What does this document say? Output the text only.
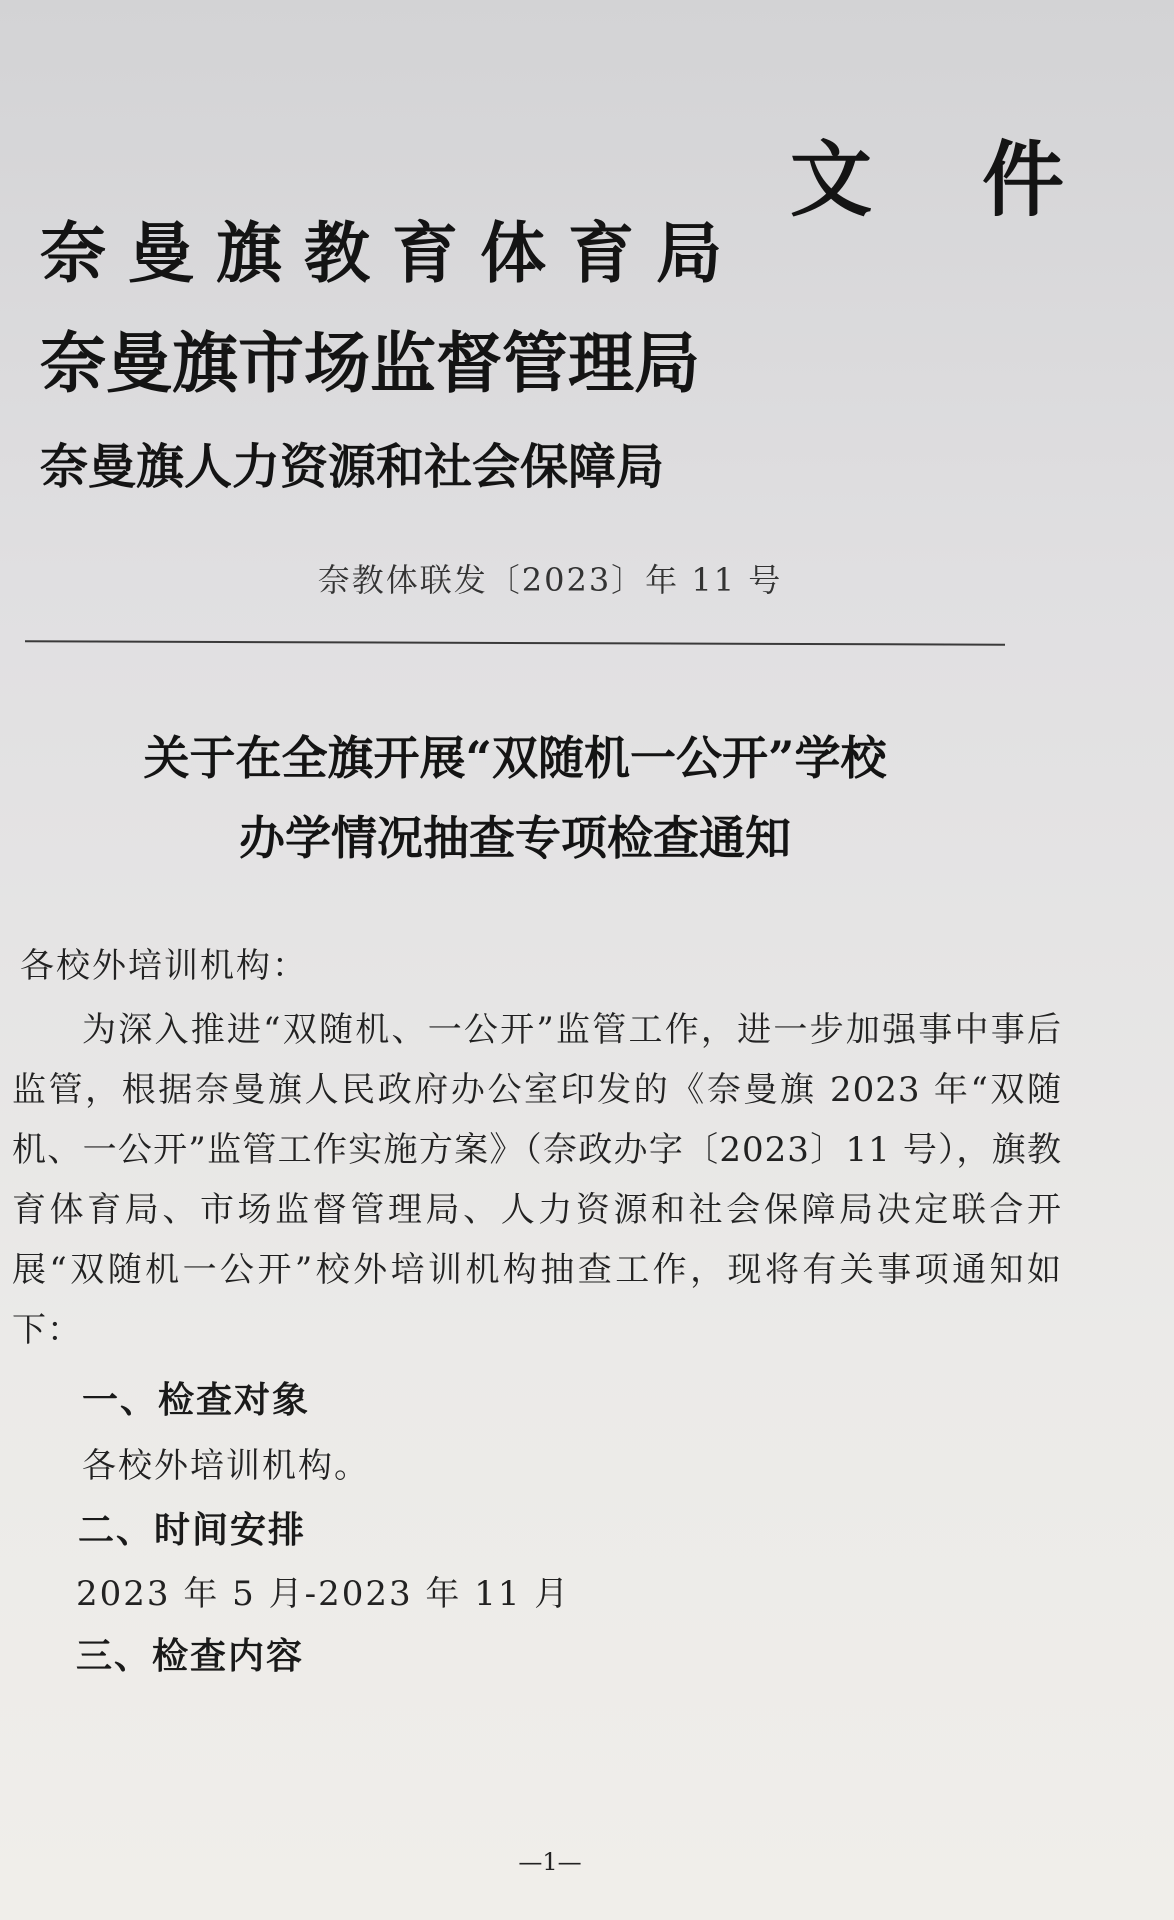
奈曼旗教育体育局
奈曼旗市场监督管理局
奈曼旗人力资源和社会保障局
文件
奈教体联发〔2023〕年 11 号
关于在全旗开展“双随机一公开”学校
办学情况抽查专项检查通知
各校外培训机构：

为深入推进“双随机、一公开”监管工作，进一步加强事中事后监管，根据奈曼旗人民政府办公室印发的《奈曼旗 2023 年“双随机、一公开”监管工作实施方案》（奈政办字〔2023〕11 号），旗教育体育局、市场监督管理局、人力资源和社会保障局决定联合开展“双随机一公开”校外培训机构抽查工作，现将有关事项通知如下：

一、检查对象
各校外培训机构。
二、时间安排
2023 年 5 月-2023 年 11 月
三、检查内容
—1—
